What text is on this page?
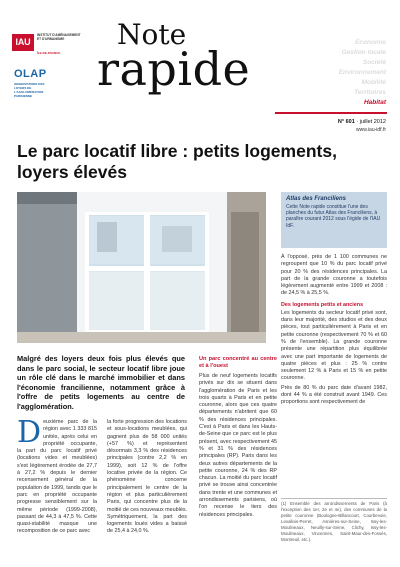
IAU
INSTITUT D'AMÉNAGEMENT ET D'URBANISME
ÎLE-DE-FRANCE
OLAP
OBSERVATOIRE DES LOYERS DE L'AGGLOMÉRATION PARISIENNE
Note
rapide	Économie
Gestion locale
Société
Environnement
Mobilité
Territoires
Habitat
N° 601 · juillet 2012
www.iau-idf.fr
Le parc locatif libre : petits logements, loyers élevés
Atlas des Franciliens
Cette Note rapide constitue l'une des planches du futur Atlas des Franciliens, à paraître courant 2012 sous l'égide de l'IAU îdF.
Malgré des loyers deux fois plus élevés que dans le parc social, le secteur locatif libre joue un rôle clé dans le marché immobilier et dans l'économie francilienne, notamment grâce à l'offre de petits logements au centre de l'agglomération.

Deuxième parc de la région avec 1 333 815 unités, après celui en propriété occupante, la part du parc locatif privé (locations vides et meublées) s'est légèrement érodée de 27,7 à 27,2 % depuis le dernier recensement général de la population de 1999, tandis que le parc en propriété occupante progresse sensiblement sur la même période (1999-2008), passant de 44,3 à 47,5 %. Cette quasi-stabilité masque une recomposition de ce parc avec

la forte progression des locations et sous-locations meublées, qui gagnent plus de 58 000 unités (+57 %) et représentent désormais 3,3 % des résidences principales (contre 2,2 % en 1999), soit 12 % de l'offre locative privée de la région. Ce phénomène concerne principalement le centre de la région et plus particulièrement Paris, qui concentre plus de la moitié de ces nouveaux meublés. Symétriquement, la part des logements loués vides a baissé de 25,4 à 24,0 %.

Un parc concentré au centre et à l'ouest

Plus de neuf logements locatifs privés sur dix se situent dans l'agglomération de Paris et les trois quarts à Paris et en petite couronne, alors que ces quatre départements n'abritent que 60 % des résidences principales. C'est à Paris et dans les Hauts-de-Seine que ce parc est le plus présent, avec respectivement 45 % et 31 % des résidences principales (RP). Paris dans les deux autres départements de la petite couronne, 24 % des RP chacun. La moitié du parc locatif privé se trouve ainsi concentrée dans trente et une communes et arrondissements parisiens, où l'on recense le tiers des résidences principales.

À l'opposé, près de 1 100 communes ne regroupent que 10 % du parc locatif privé pour 20 % des résidences principales. La part de la grande couronne a toutefois légèrement augmenté entre 1999 et 2008 : de 24,5 % à 25,5 %.

Des logements petits et anciens

Les logements du secteur locatif privé sont, dans leur majorité, des studios et des deux pièces, tout particulièrement à Paris et en petite couronne (respectivement 70 % et 60 % de l'ensemble). La grande couronne présente une répartition plus équilibrée avec une part importante de logements de quatre pièces et plus : 25 % contre seulement 12 % à Paris et 15 % en petite couronne.

Près de 80 % du parc date d'avant 1982, dont 44 % a été construit avant 1949. Ces proportions sont respectivement de

(1) Ensemble des arrondissements de Paris (à l'exception des 1er, 2e et 4e), des communes de la petite couronne (Boulogne-Billancourt, Courbevoie, Levallois-Perret, Asnières-sur-Seine, Issy-les-Moulineaux, Neuilly-sur-Seine, Clichy, Issy-les-Moulineaux, Vincennes, Saint-Maur-des-Fossés, Montreuil, etc.).
